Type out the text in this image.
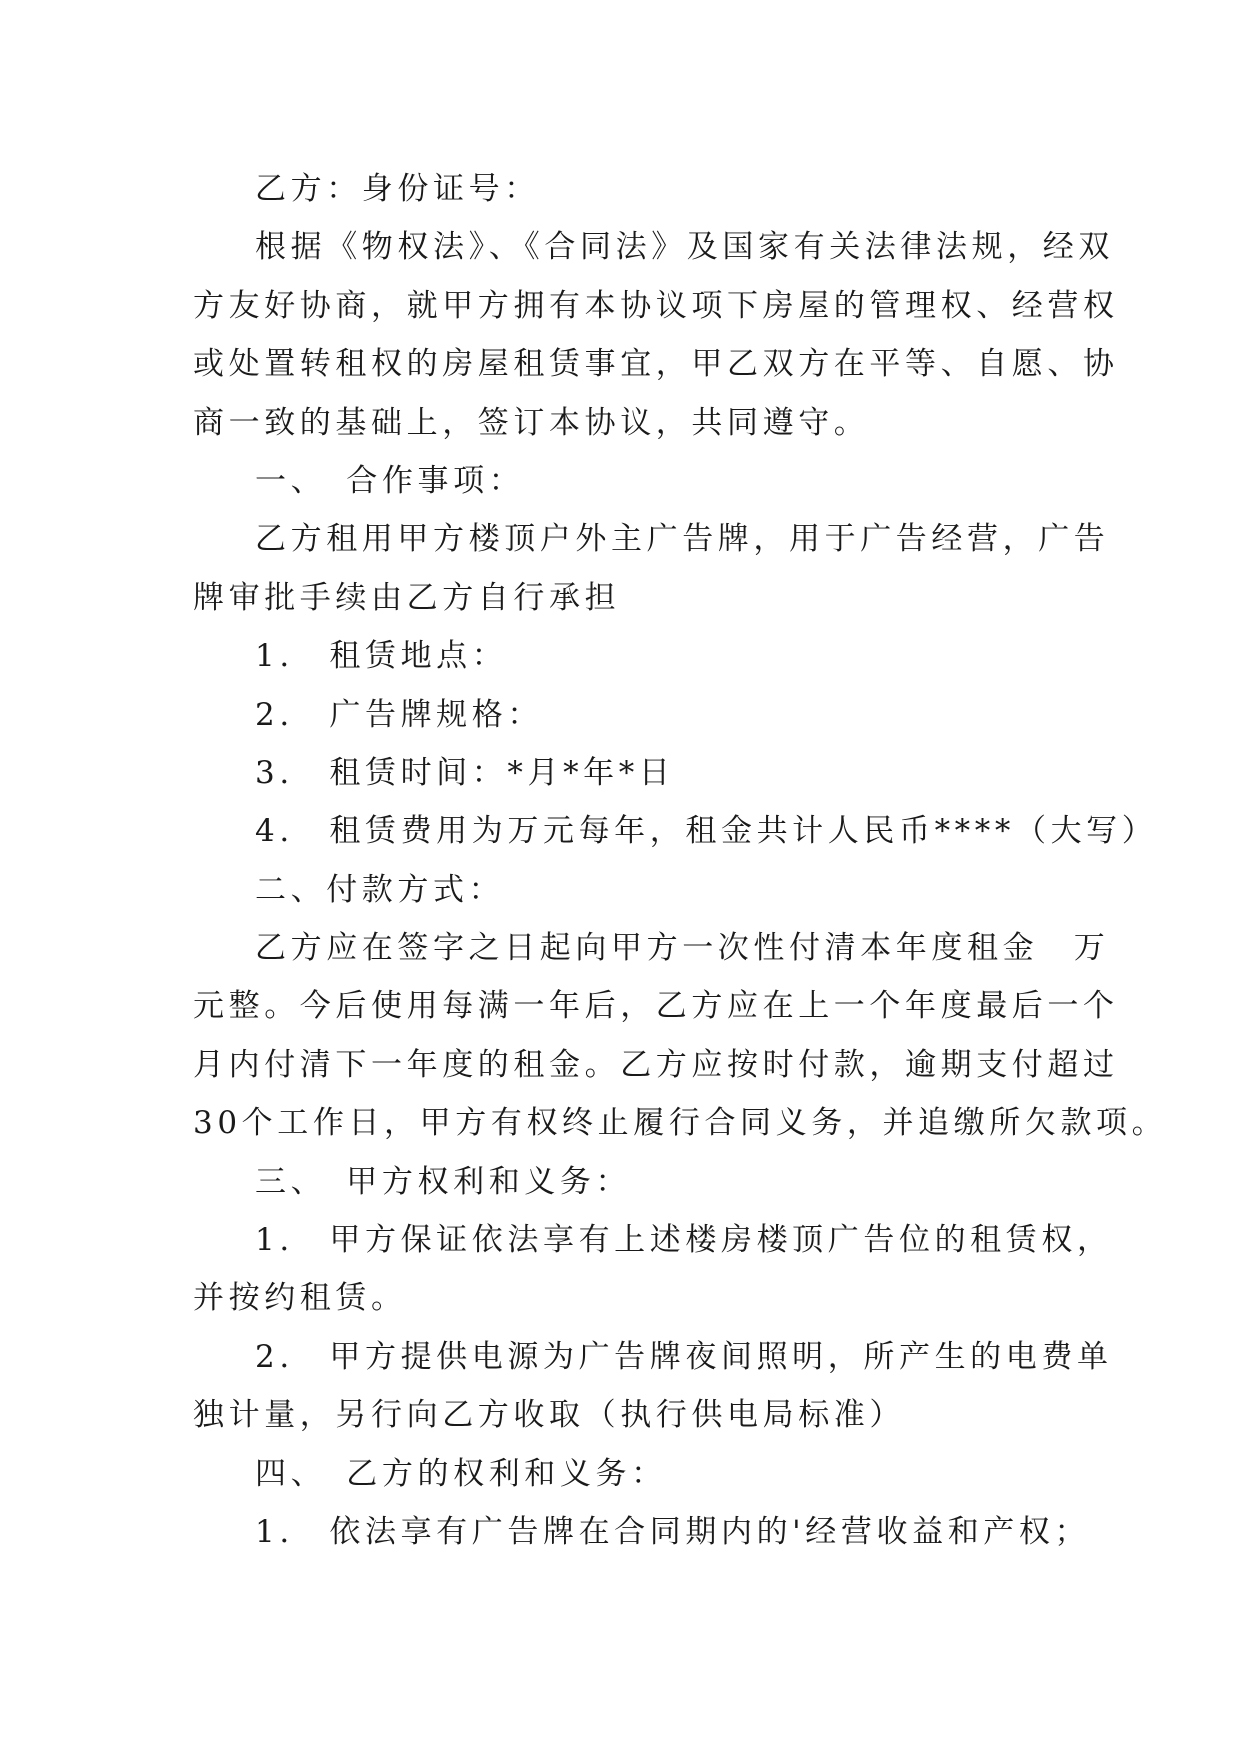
乙方：身份证号：

根据《物权法》、《合同法》及国家有关法律法规，经双

方友好协商，就甲方拥有本协议项下房屋的管理权、经营权

或处置转租权的房屋租赁事宜，甲乙双方在平等、自愿、协

商一致的基础上，签订本协议，共同遵守。

一、　合作事项：

乙方租用甲方楼顶户外主广告牌，用于广告经营，广告

牌审批手续由乙方自行承担

1.　租赁地点：

2.　广告牌规格：

3.　租赁时间：*月*年*日

4.　租赁费用为万元每年，租金共计人民币****（大写）

二、付款方式：

乙方应在签字之日起向甲方一次性付清本年度租金　万

元整。今后使用每满一年后，乙方应在上一个年度最后一个

月内付清下一年度的租金。乙方应按时付款，逾期支付超过

30个工作日，甲方有权终止履行合同义务，并追缴所欠款项。

三、　甲方权利和义务：

1.　甲方保证依法享有上述楼房楼顶广告位的租赁权，

并按约租赁。

2.　甲方提供电源为广告牌夜间照明，所产生的电费单

独计量，另行向乙方收取（执行供电局标准）

四、　乙方的权利和义务：

1.　依法享有广告牌在合同期内的'经营收益和产权；
